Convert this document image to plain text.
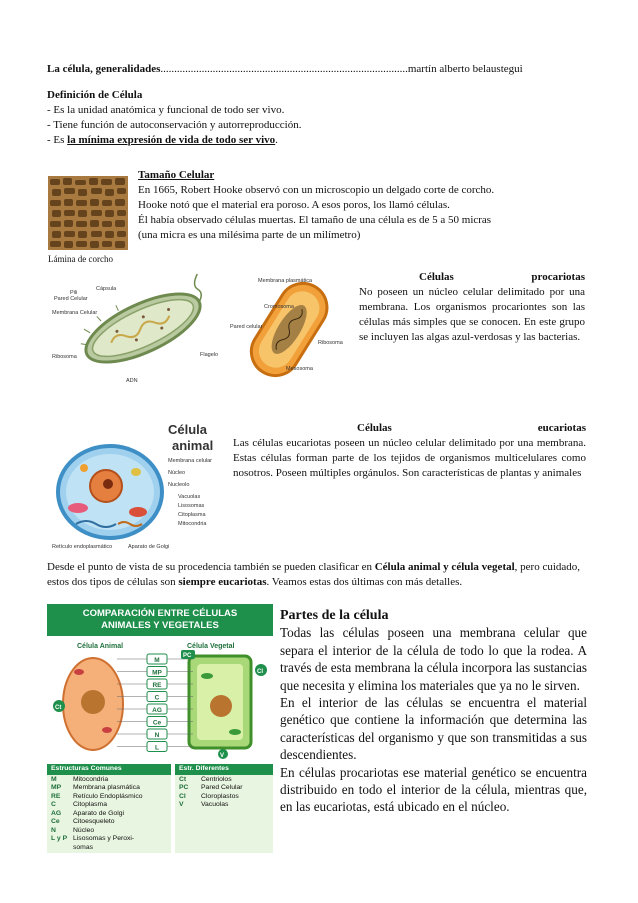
La célula, generalidades..........................................................................................martín alberto belaustegui
Definición de Célula
- Es la unidad anatómica y funcional de todo ser vivo.
- Tiene función de autoconservación y autorreproducción.
- Es la mínima expresión de vida de todo ser vivo.
Lámina de corcho
Tamaño Celular
En 1665, Robert Hooke observó con un microscopio un delgado corte de corcho.
Hooke notó que el material era poroso. A esos poros, los llamó células.
Él había observado células muertas. El tamaño de una célula es de 5 a 50 micras
(una micra es una milésima parte de un milímetro)
Pili
Cápsula
Pared Celular
Membrana Celular
Ribosoma
ADN
Flagelo
Membrana plasmática
Cromosoma
Pared celular
Ribosoma
Mesosoma
Células	procariotas
No poseen un núcleo celular delimitado por una membrana. Los organismos procariontes son las células más simples que se conocen. En este grupo se incluyen las algas azul-verdosas y las bacterias.
Célula
animal
Membrana celular
Núcleo
Nucleolo
Vacuolas
Lisosomas
Citoplasma
Mitocondria
Retículo endoplasmático	Aparato de Golgi
Células	eucariotas
Las células eucariotas poseen un núcleo celular delimitado por una membrana. Estas células forman parte de los tejidos de organismos multicelulares como nosotros. Poseen múltiples orgánulos. Son características de plantas y animales
Desde el punto de vista de su procedencia también se pueden clasificar en Célula animal y célula vegetal, pero cuidado, estos dos tipos de células son siempre eucariotas. Veamos estas dos últimas con más detalles.
COMPARACIÓN ENTRE CÉLULAS
ANIMALES Y VEGETALES
Célula Animal	Célula Vegetal
M
MP
RE
C
AG
Ce
N
L
Ct
PC
Cl
V
Estructuras Comunes
M	Mitocondria
MP	Membrana plasmática
RE	Retículo Endoplásmico
C	Citoplasma
AG	Aparato de Golgi
Ce	Citoesqueleto
N	Núcleo
L y P Lisosomas y Peroxi-
somas
Estr. Diferentes
Ct	Centriolos
PC	Pared Celular
Cl	Cloroplastos
V	Vacuolas
Partes de la célula
Todas las células poseen una membrana celular que separa el interior de la célula de todo lo que la rodea. A través de esta membrana la célula incorpora las sustancias que necesita y elimina los materiales que ya no le sirven.
En el interior de las células se encuentra el material genético que contiene la información que determina las características del organismo y que son transmitidas a sus descendientes.
En células procariotas ese material genético se encuentra distribuido en todo el interior de la célula, mientras que, en las eucariotas, está ubicado en el núcleo.
